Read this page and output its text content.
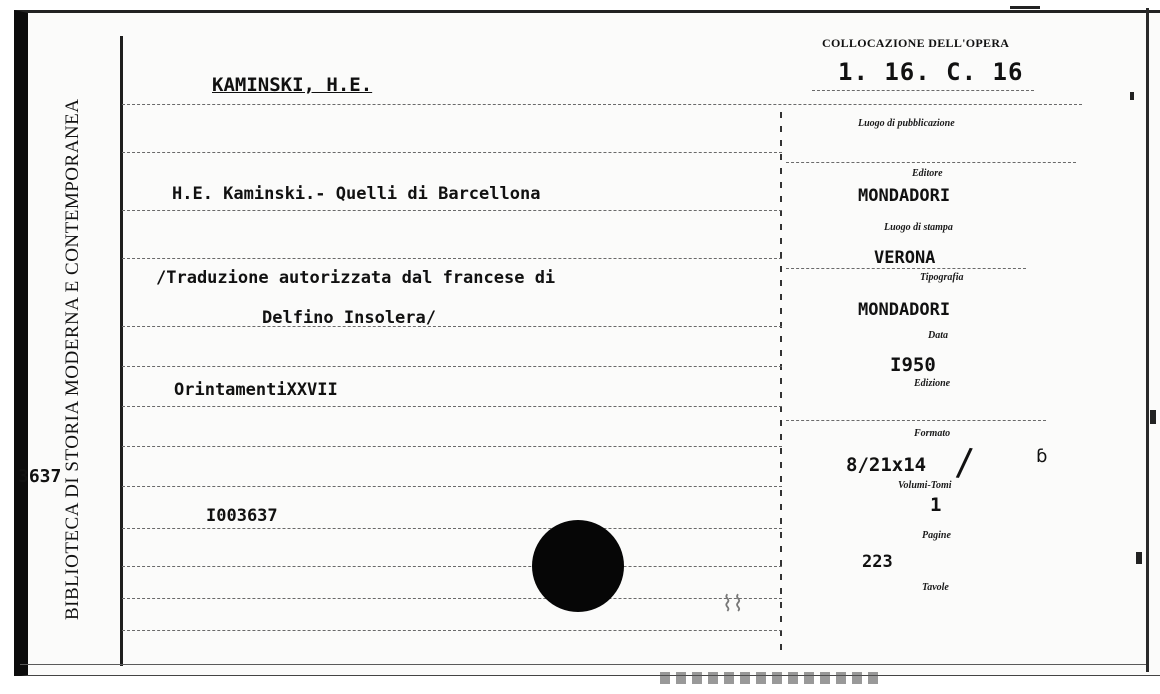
BIBLIOTECA DI STORIA MODERNA E CONTEMPORANEA
3637
COLLOCAZIONE DELL'OPERA
1. 16. C. 16
KAMINSKI, H.E.
H.E. Kaminski.- Quelli di Barcellona
/Traduzione autorizzata dal francese di
Delfino Insolera/
OrintamentiXXVII
I003637
Luogo di pubblicazione
Editore
MONDADORI
Luogo di stampa
VERONA
Tipografia
MONDADORI
Data
I950
Edizione
Formato
8/21x14
Volumi-Tomi
1
Pagine
223
Tavole
/	ɓ
⌇⌇
